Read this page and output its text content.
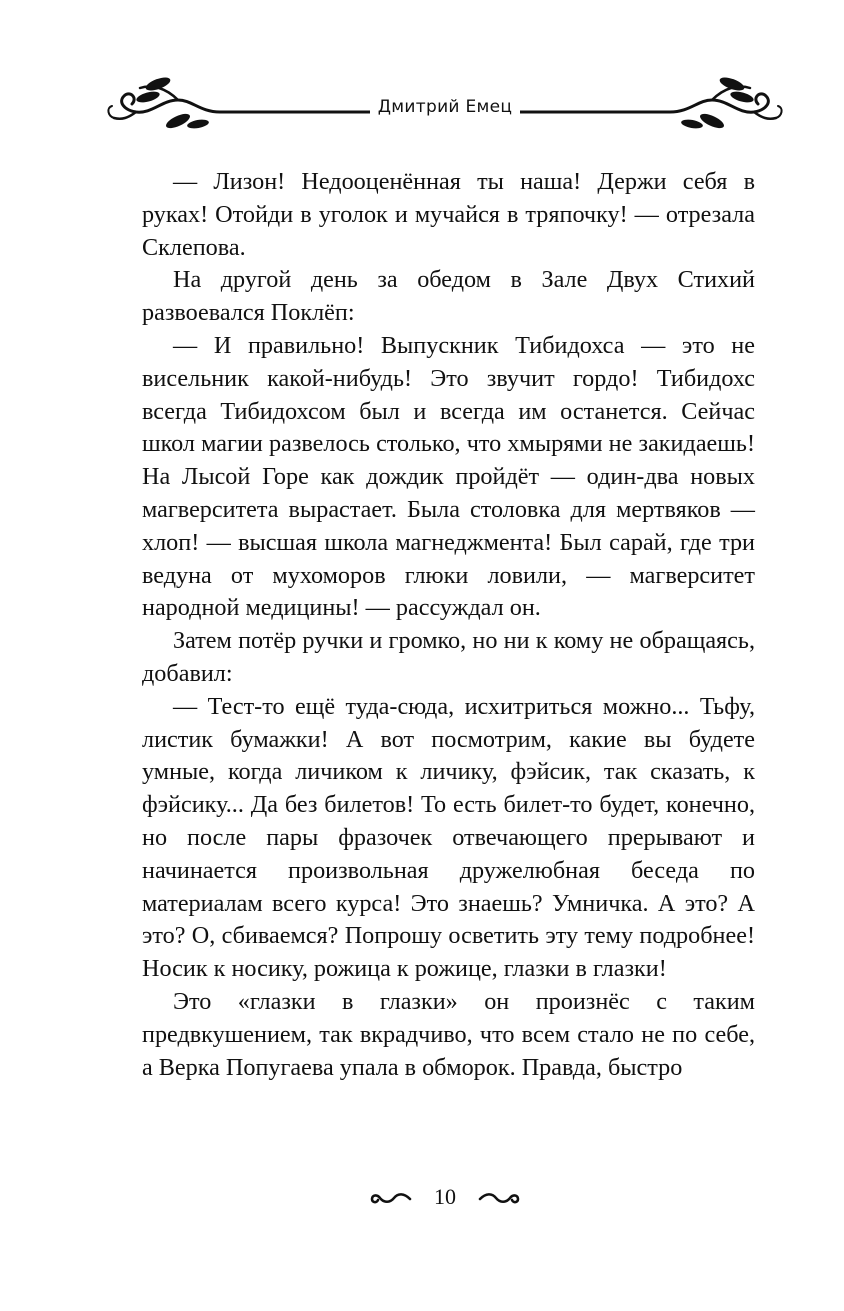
Дмитрий Емец

— Лизон! Недооценённая ты наша! Держи себя в руках! Отойди в уголок и мучайся в тряпочку! — отрезала Склепова.

На другой день за обедом в Зале Двух Стихий развоевался Поклёп:

— И правильно! Выпускник Тибидохса — это не висельник какой-нибудь! Это звучит гордо! Тибидохс всегда Тибидохсом был и всегда им останется. Сейчас школ магии развелось столько, что хмырями не закидаешь! На Лысой Горе как дождик пройдёт — один-два новых магверситета вырастает. Была столовка для мертвяков — хлоп! — высшая школа магнеджмента! Был сарай, где три ведуна от мухоморов глюки ловили, — магверситет народной медицины! — рассуждал он.

Затем потёр ручки и громко, но ни к кому не обращаясь, добавил:

— Тест-то ещё туда-сюда, исхитриться можно... Тьфу, листик бумажки! А вот посмотрим, какие вы будете умные, когда личиком к личику, фэйсик, так сказать, к фэйсику... Да без билетов! То есть билет-то будет, конечно, но после пары фразочек отвечающего прерывают и начинается произвольная дружелюбная беседа по материалам всего курса! Это знаешь? Умничка. А это? А это? О, сбиваемся? Попрошу осветить эту тему подробнее! Носик к носику, рожица к рожице, глазки в глазки!

Это «глазки в глазки» он произнёс с таким предвкушением, так вкрадчиво, что всем стало не по себе, а Верка Попугаева упала в обморок. Правда, быстро

10
